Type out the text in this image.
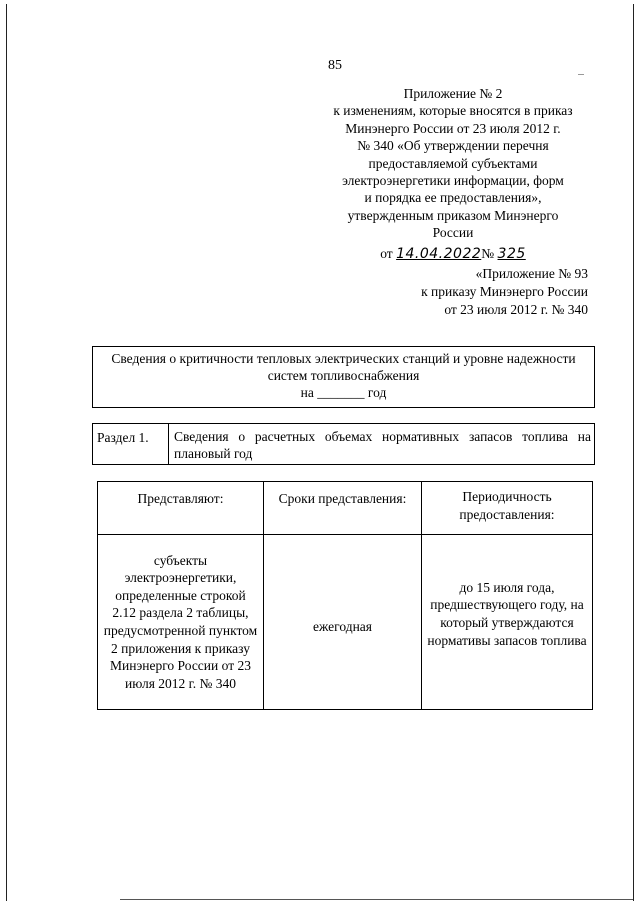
85
Приложение № 2
к изменениям, которые вносятся в приказ
Минэнерго России от 23 июля 2012 г.
№ 340 «Об утверждении перечня
предоставляемой субъектами
электроэнергетики информации, форм
и порядка ее предоставления»,
утвержденным приказом Минэнерго
России
от 14.04.2022№ 325
«Приложение № 93
к приказу Минэнерго России
от 23 июля 2012 г. № 340
Сведения о критичности тепловых электрических станций и уровне надежности
систем топливоснабжения
на _______ год
Раздел 1.	Сведения о расчетных объемах нормативных запасов топлива на плановый год
Представляют:	Сроки представления:	Периодичность предоставления:
субъекты электроэнергетики, определенные строкой 2.12 раздела 2 таблицы, предусмотренной пунктом 2 приложения к приказу Минэнерго России от 23 июля 2012 г. № 340	ежегодная	до 15 июля года, предшествующего году, на который утверждаются нормативы запасов топлива
